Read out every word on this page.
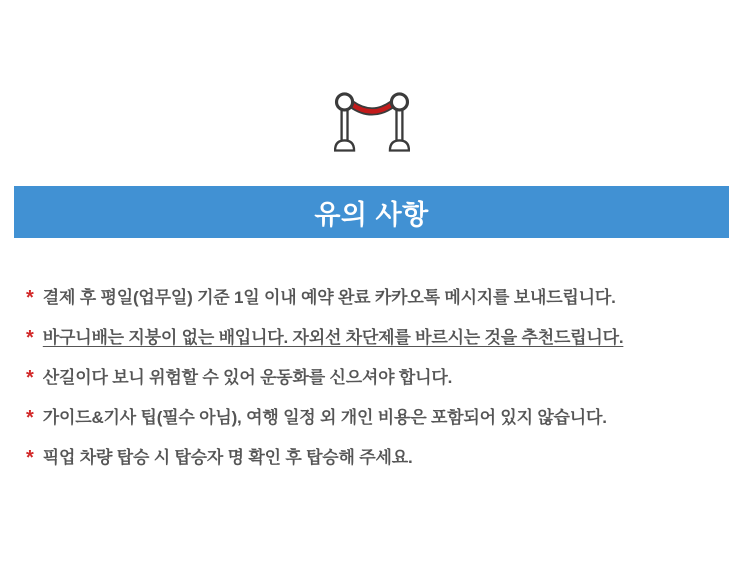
유의 사항
* 결제 후 평일(업무일) 기준 1일 이내 예약 완료 카카오톡 메시지를 보내드립니다.
* 바구니배는 지붕이 없는 배입니다. 자외선 차단제를 바르시는 것을 추천드립니다.
* 산길이다 보니 위험할 수 있어 운동화를 신으셔야 합니다.
* 가이드&기사 팁(필수 아님), 여행 일정 외 개인 비용은 포함되어 있지 않습니다.
* 픽업 차량 탑승 시 탑승자 명 확인 후 탑승해 주세요.
